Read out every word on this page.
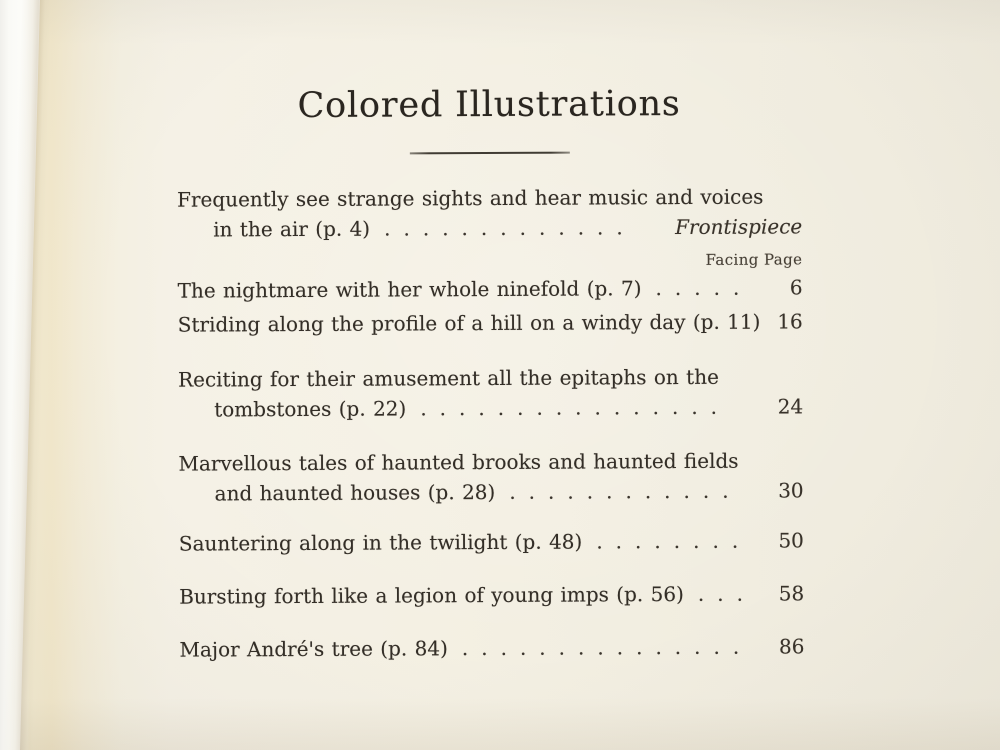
Colored Illustrations
Facing Page
Frequently see strange sights and hear music and voices
in the air (p. 4) ............. Frontispiece
The nightmare with her whole ninefold (p. 7) ..... 6
Striding along the profile of a hill on a windy day (p. 11) 16
Reciting for their amusement all the epitaphs on the
tombstones (p. 22) ................ 24
Marvellous tales of haunted brooks and haunted fields
and haunted houses (p. 28) ............ 30
Sauntering along in the twilight (p. 48) ........ 50
Bursting forth like a legion of young imps (p. 56) ... 58
Major André's tree (p. 84) ............... 86
